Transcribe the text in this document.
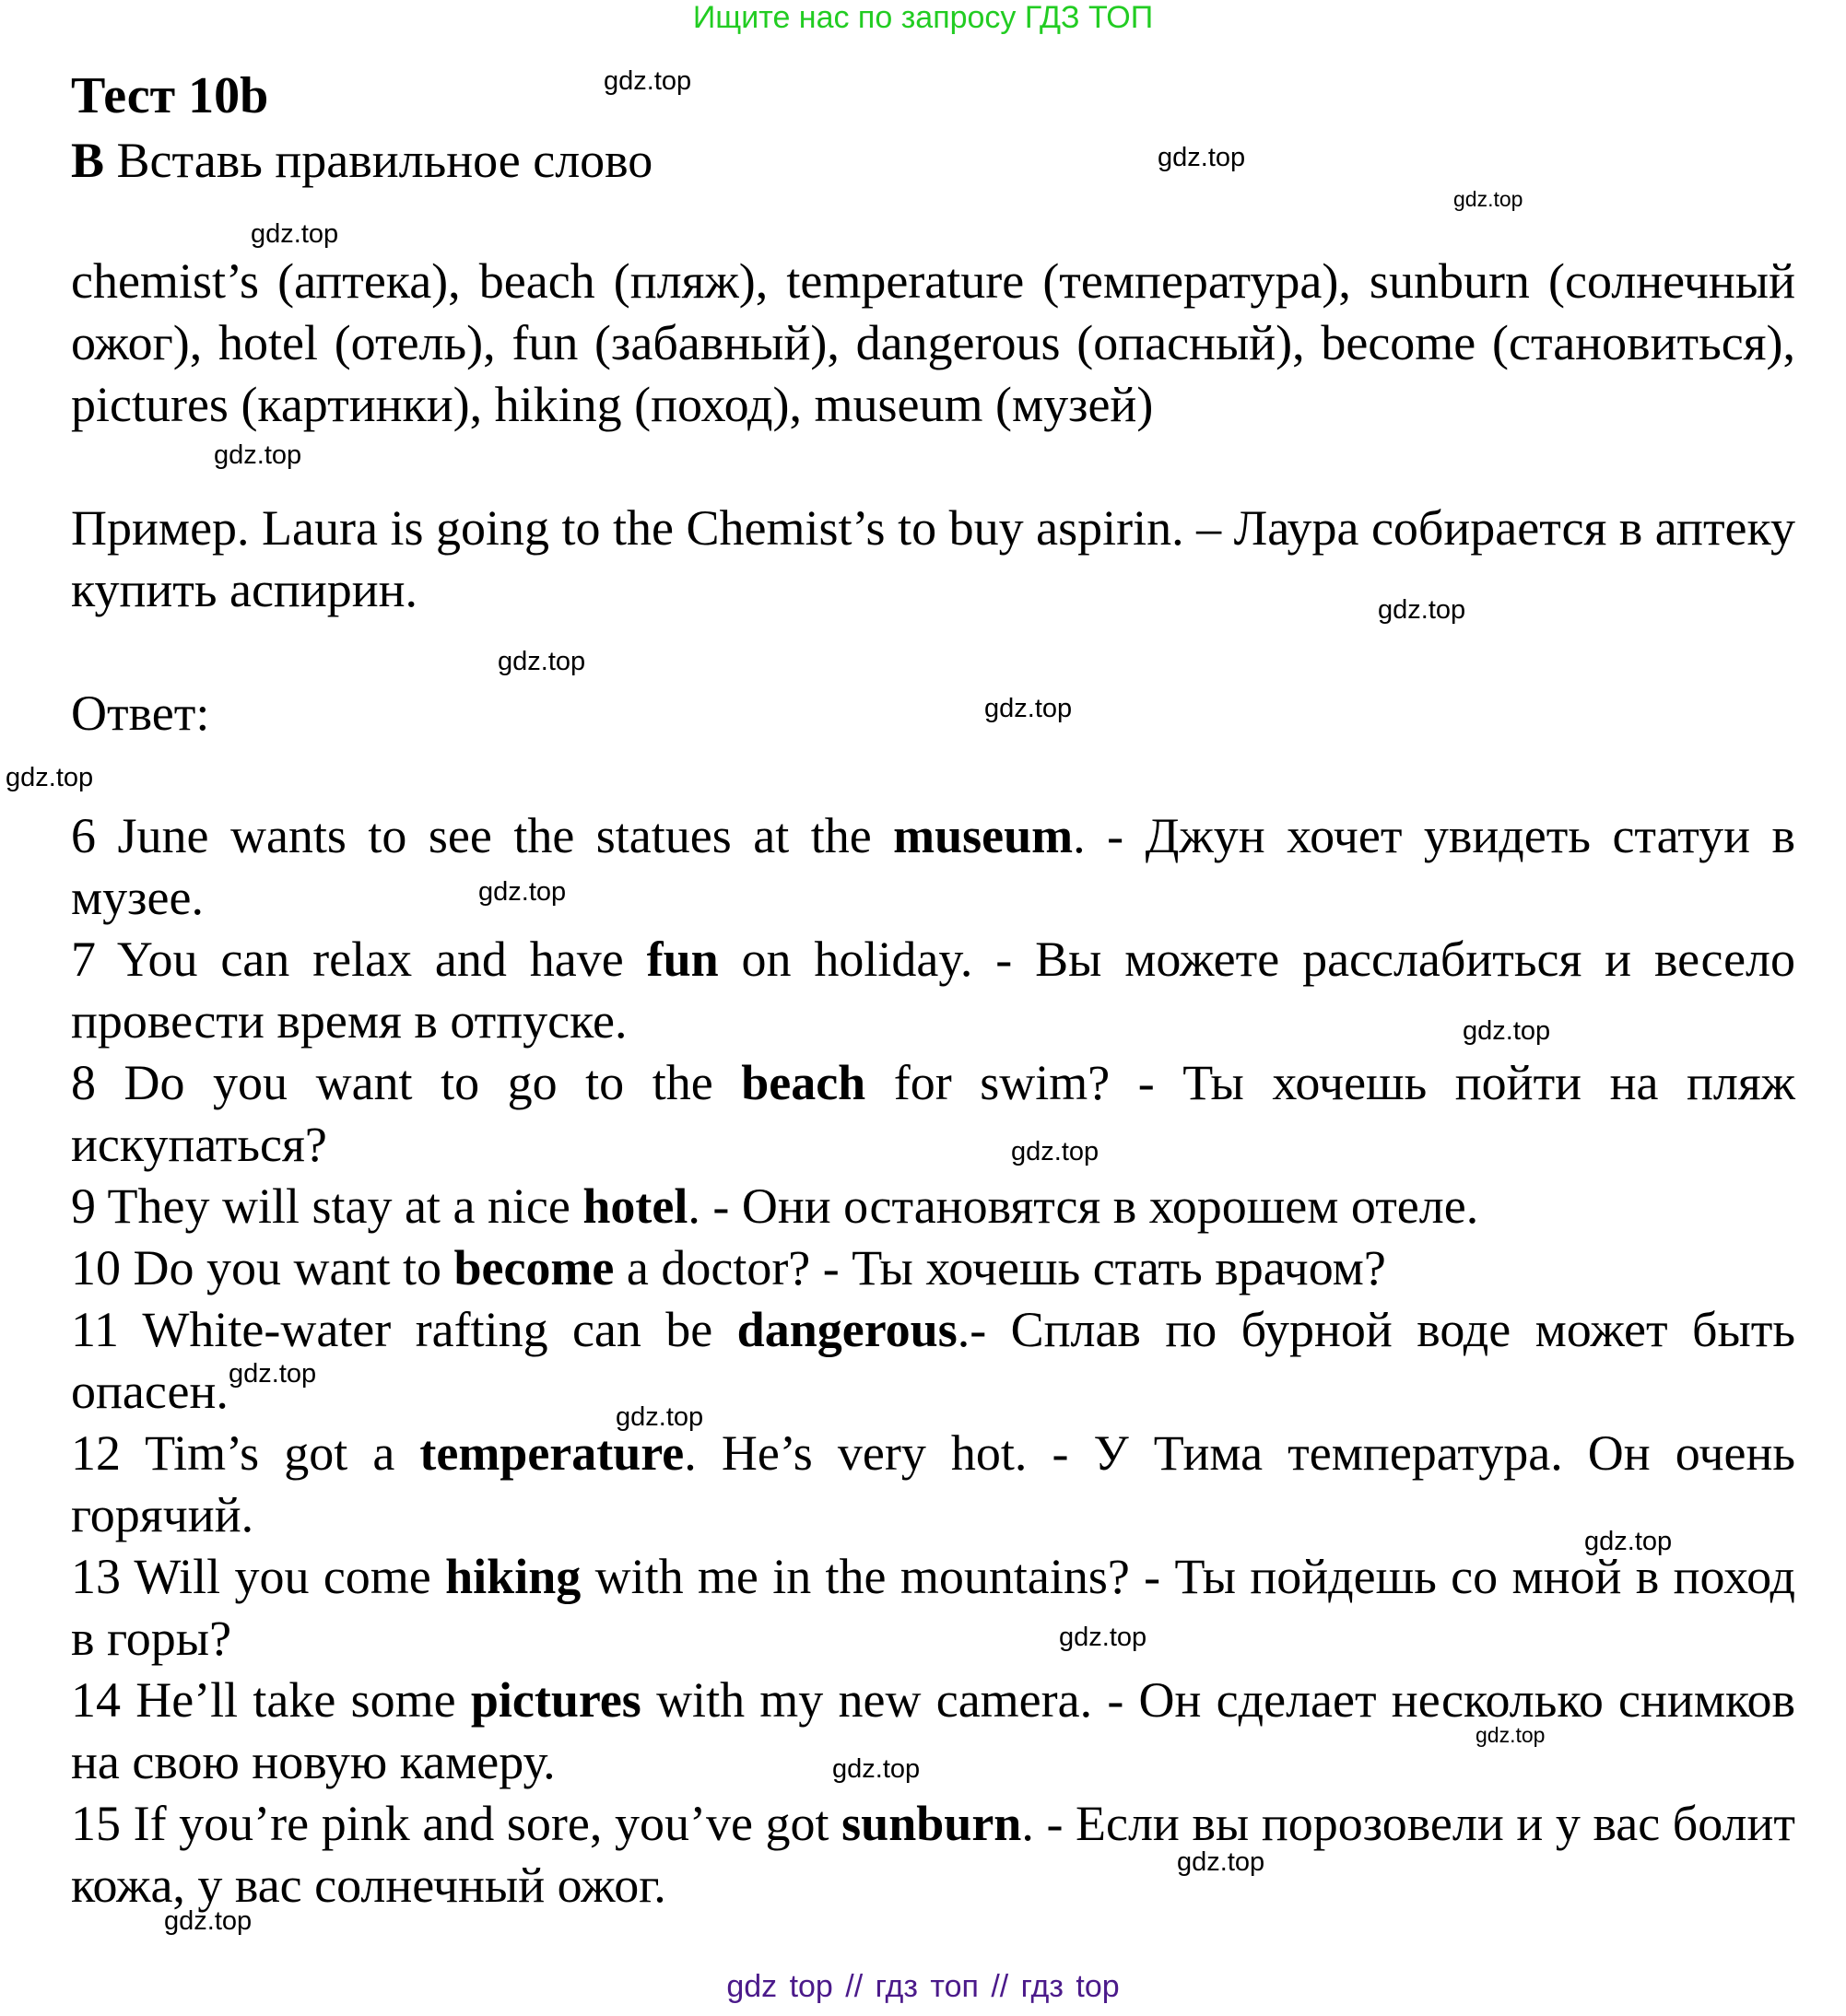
Ищите нас по запросу ГДЗ ТОП
Тест 10b
B Вставь правильное слово
chemist’s (аптека), beach (пляж), temperature (температура), sunburn (солнечный ожог), hotel (отель), fun (забавный), dangerous (опасный), become (становиться), pictures (картинки), hiking (поход), museum (музей)
Пример. Laura is going to the Chemist’s to buy aspirin. – Лаура собирается в аптеку купить аспирин.
Ответ:

6 June wants to see the statues at the museum. - Джун хочет увидеть статуи в музее.

7 You can relax and have fun on holiday. - Вы можете расслабиться и весело провести время в отпуске.

8 Do you want to go to the beach for swim? - Ты хочешь пойти на пляж искупаться?

9 They will stay at a nice hotel. - Они остановятся в хорошем отеле.

10 Do you want to become a doctor? - Ты хочешь стать врачом?

11 White-water rafting can be dangerous.- Сплав по бурной воде может быть опасен.

12 Tim’s got a temperature. He’s very hot. - У Тима температура. Он очень горячий.

13 Will you come hiking with me in the mountains? - Ты пойдешь со мной в поход в горы?

14 He’ll take some pictures with my new camera. - Он сделает несколько снимков на свою новую камеру.

15 If you’re pink and sore, you’ve got sunburn. - Если вы порозовели и у вас болит кожа, у вас солнечный ожог.

gdz.top
gdz.top
gdz.top
gdz.top
gdz.top
gdz.top
gdz.top
gdz.top
gdz.top
gdz.top
gdz.top
gdz.top
gdz.top
gdz.top
gdz.top
gdz.top
gdz.top
gdz.top
gdz.top
gdz.top
gdz top // гдз топ // гдз top
